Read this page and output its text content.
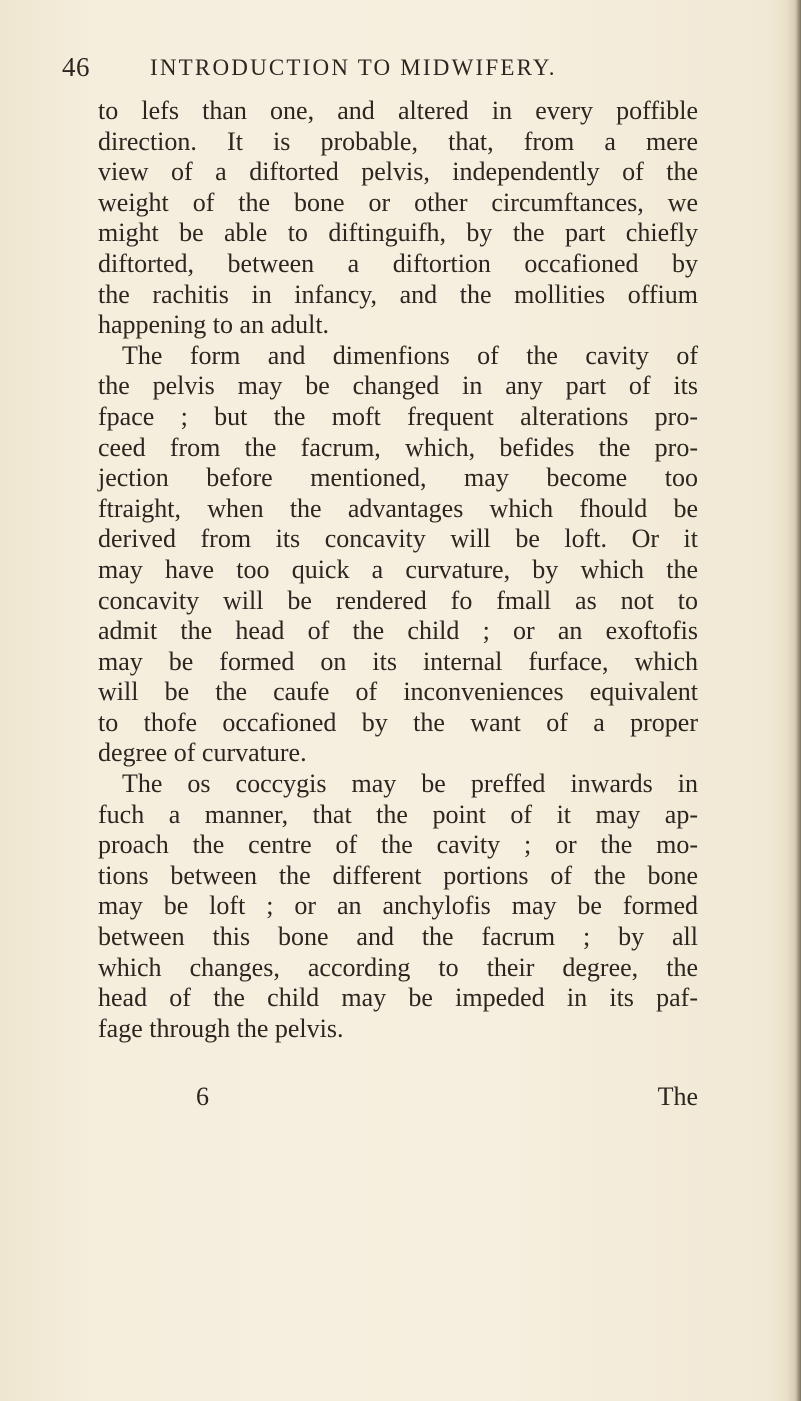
46	INTRODUCTION TO MIDWIFERY.
to lefs than one, and altered in every poffible
direction. It is probable, that, from a mere
view of a diftorted pelvis, independently of the
weight of the bone or other circumftances, we
might be able to diftinguifh, by the part chiefly
diftorted, between a diftortion occafioned by
the rachitis in infancy, and the mollities offium
happening to an adult.
The form and dimenfions of the cavity of
the pelvis may be changed in any part of its
fpace ; but the moft frequent alterations pro-
ceed from the facrum, which, befides the pro-
jection before mentioned, may become too
ftraight, when the advantages which fhould be
derived from its concavity will be loft. Or it
may have too quick a curvature, by which the
concavity will be rendered fo fmall as not to
admit the head of the child ; or an exoftofis
may be formed on its internal furface, which
will be the caufe of inconveniences equivalent
to thofe occafioned by the want of a proper
degree of curvature.
The os coccygis may be preffed inwards in
fuch a manner, that the point of it may ap-
proach the centre of the cavity ; or the mo-
tions between the different portions of the bone
may be loft ; or an anchylofis may be formed
between this bone and the facrum ; by all
which changes, according to their degree, the
head of the child may be impeded in its paf-
fage through the pelvis.
6	The
